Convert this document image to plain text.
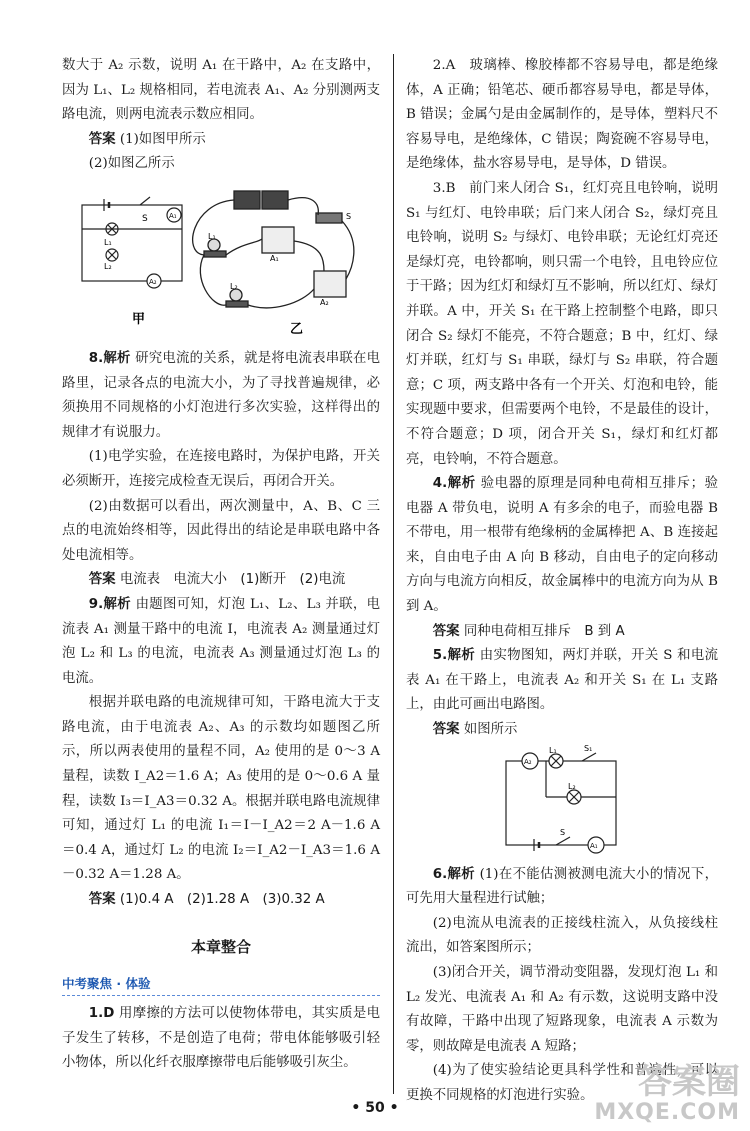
数大于 A₂ 示数，说明 A₁ 在干路中，A₂ 在支路中，因为 L₁、L₂ 规格相同，若电流表 A₁、A₂ 分别测两支路电流，则两电流表示数应相同。

答案 (1)如图甲所示

(2)如图乙所示

S	A₁
L₁
L₂
A₂
甲
L₁
L₂
A₁
A₂
S
乙

8.解析 研究电流的关系，就是将电流表串联在电路里，记录各点的电流大小，为了寻找普遍规律，必须换用不同规格的小灯泡进行多次实验，这样得出的规律才有说服力。

(1)电学实验，在连接电路时，为保护电路，开关必须断开，连接完成检查无误后，再闭合开关。

(2)由数据可以看出，两次测量中，A、B、C 三点的电流始终相等，因此得出的结论是串联电路中各处电流相等。

答案 电流表　电流大小　(1)断开　(2)电流

9.解析 由题图可知，灯泡 L₁、L₂、L₃ 并联，电流表 A₁ 测量干路中的电流 I，电流表 A₂ 测量通过灯泡 L₂ 和 L₃ 的电流，电流表 A₃ 测量通过灯泡 L₃ 的电流。

根据并联电路的电流规律可知，干路电流大于支路电流，由于电流表 A₂、A₃ 的示数均如题图乙所示，所以两表使用的量程不同，A₂ 使用的是 0～3 A 量程，读数 I_A2＝1.6 A；A₃ 使用的是 0～0.6 A 量程，读数 I₃＝I_A3＝0.32 A。根据并联电路电流规律可知，通过灯 L₁ 的电流 I₁＝I－I_A2＝2 A－1.6 A＝0.4 A，通过灯 L₂ 的电流 I₂＝I_A2－I_A3＝1.6 A－0.32 A＝1.28 A。

答案 (1)0.4 A　(2)1.28 A　(3)0.32 A

本章整合
中考聚焦 · 体验

1.D 用摩擦的方法可以使物体带电，其实质是电子发生了转移，不是创造了电荷；带电体能够吸引轻小物体，所以化纤衣服摩擦带电后能够吸引灰尘。

2.A　玻璃棒、橡胶棒都不容易导电，都是绝缘体，A 正确；铅笔芯、硬币都容易导电，都是导体，B 错误；金属勺是由金属制作的，是导体，塑料尺不容易导电，是绝缘体，C 错误；陶瓷碗不容易导电，是绝缘体，盐水容易导电，是导体，D 错误。

3.B　前门来人闭合 S₁，红灯亮且电铃响，说明 S₁ 与红灯、电铃串联；后门来人闭合 S₂，绿灯亮且电铃响，说明 S₂ 与绿灯、电铃串联；无论红灯亮还是绿灯亮，电铃都响，则只需一个电铃，且电铃应位于干路；因为红灯和绿灯互不影响，所以红灯、绿灯并联。A 中，开关 S₁ 在干路上控制整个电路，即只闭合 S₂ 绿灯不能亮，不符合题意；B 中，红灯、绿灯并联，红灯与 S₁ 串联，绿灯与 S₂ 串联，符合题意；C 项，两支路中各有一个开关、灯泡和电铃，能实现题中要求，但需要两个电铃，不是最佳的设计，不符合题意；D 项，闭合开关 S₁，绿灯和红灯都亮，电铃响，不符合题意。

4.解析 验电器的原理是同种电荷相互排斥；验电器 A 带负电，说明 A 有多余的电子，而验电器 B 不带电，用一根带有绝缘柄的金属棒把 A、B 连接起来，自由电子由 A 向 B 移动，自由电子的定向移动方向与电流方向相反，故金属棒中的电流方向为从 B 到 A。

答案 同种电荷相互排斥　B 到 A

5.解析 由实物图知，两灯并联，开关 S 和电流表 A₁ 在干路上，电流表 A₂ 和开关 S₁ 在 L₁ 支路上，由此可画出电路图。

答案 如图所示

A₂
L₁	S₁
L₂
S
A₁

6.解析 (1)在不能估测被测电流大小的情况下，可先用大量程进行试触；

(2)电流从电流表的正接线柱流入，从负接线柱流出，如答案图所示；

(3)闭合开关，调节滑动变阻器，发现灯泡 L₁ 和 L₂ 发光、电流表 A₁ 和 A₂ 有示数，这说明支路中没有故障，干路中出现了短路现象，电流表 A 示数为零，则故障是电流表 A 短路；

(4)为了使实验结论更具科学性和普遍性，可以更换不同规格的灯泡进行实验。

• 50 •
答案圈
MXQE.COM
